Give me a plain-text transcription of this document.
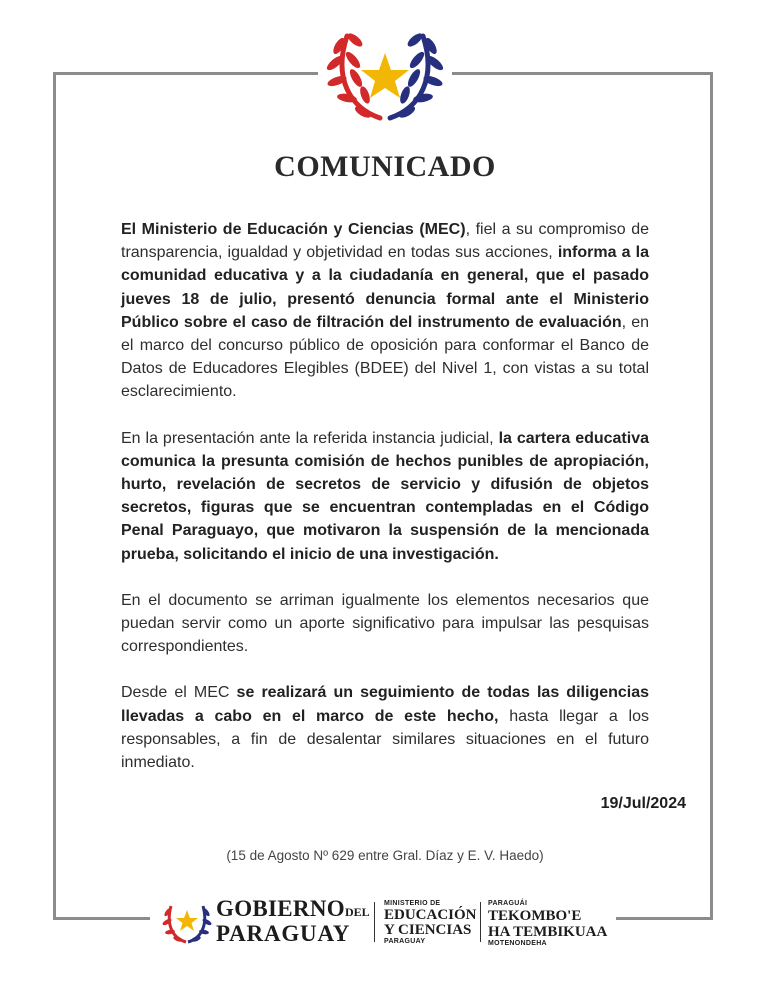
COMUNICADO

El Ministerio de Educación y Ciencias (MEC), fiel a su compromiso de transparencia, igualdad y objetividad en todas sus acciones, informa a la comunidad educativa y a la ciudadanía en general, que el pasado jueves 18 de julio, presentó denuncia formal ante el Ministerio Público sobre el caso de filtración del instrumento de evaluación, en el marco del concurso público de oposición para conformar el Banco de Datos de Educadores Elegibles (BDEE) del Nivel 1, con vistas a su total esclarecimiento.

En la presentación ante la referida instancia judicial, la cartera educativa comunica la presunta comisión de hechos punibles de apropiación, hurto, revelación de secretos de servicio y difusión de objetos secretos, figuras que se encuentran contempladas en el Código Penal Paraguayo, que motivaron la suspensión de la mencionada prueba, solicitando el inicio de una investigación.

En el documento se arriman igualmente los elementos necesarios que puedan servir como un aporte significativo para impulsar las pesquisas correspondientes.

Desde el MEC se realizará un seguimiento de todas las diligencias llevadas a cabo en el marco de este hecho, hasta llegar a los responsables, a fin de desalentar similares situaciones en el futuro inmediato.

19/Jul/2024
(15 de Agosto Nº 629 entre Gral. Díaz y E. V. Haedo)
GOBIERNODEL
PARAGUAY
MINISTERIO DE
EDUCACIÓN
Y CIENCIAS
PARAGUAY
PARAGUÁI
TEKOMBO'E
HA TEMBIKUAA
MOTENONDEHA
